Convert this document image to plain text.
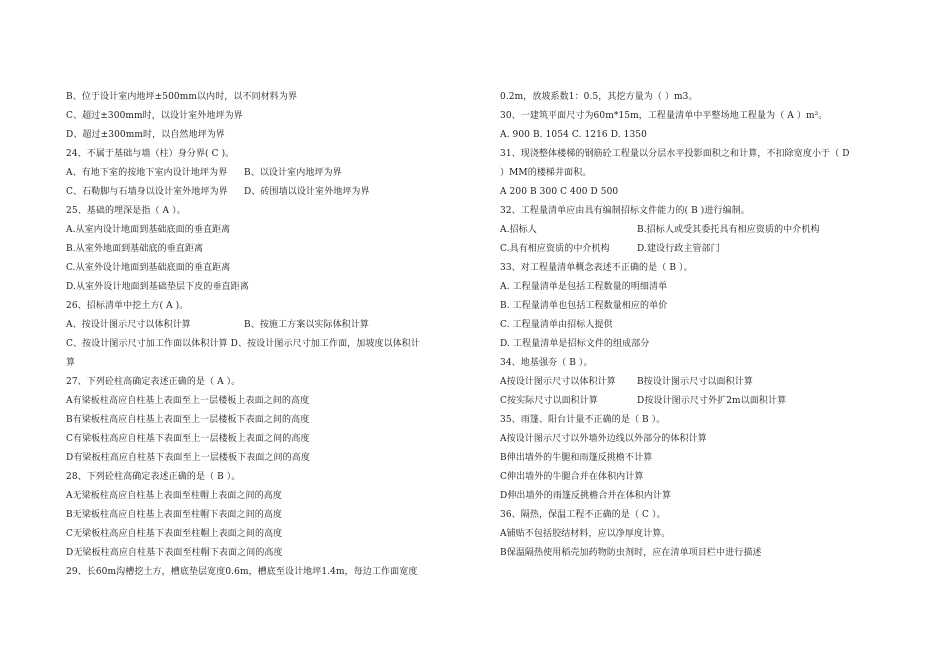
B、位于设计室内地坪±500mm以内时，以不同材料为界
C、超过±300mm时，以设计室外地坪为界
D、超过±300mm时，以自然地坪为界
24、不属于基础与墙（柱）身分界( C )。
A、有地下室的按地下室内设计地坪为界 B、以设计室内地坪为界
C、石勒脚与石墙身以设计室外地坪为界 D、砖围墙以设计室外地坪为界
25、基础的埋深是指（ A ）。
A.从室内设计地面到基础底面的垂直距离
B.从室外地面到基础底的垂直距离
C.从室外设计地面到基础底面的垂直距离
D.从室外设计地面到基础垫层下皮的垂直距离
26、招标清单中挖土方( A )。
A、按设计图示尺寸以体积计算	B、按施工方案以实际体积计算
C、按设计图示尺寸加工作面以体积计算 D、按设计图示尺寸加工作面，加坡度以体积计
算
27、下列砼柱高确定表述正确的是（ A ）。
A有梁板柱高应自柱基上表面至上一层楼板上表面之间的高度
B有梁板柱高应自柱基上表面至上一层楼板下表面之间的高度
C有梁板柱高应自柱基下表面至上一层楼板上表面之间的高度
D有梁板柱高应自柱基下表面至上一层楼板下表面之间的高度
28、下列砼柱高确定表述正确的是（ B ）。
A无梁板柱高应自柱基上表面至柱帽上表面之间的高度
B无梁板柱高应自柱基上表面至柱帽下表面之间的高度
C无梁板柱高应自柱基下表面至柱帽上表面之间的高度
D无梁板柱高应自柱基下表面至柱帽下表面之间的高度
29、长60m沟槽挖土方，槽底垫层宽度0.6m，槽底至设计地坪1.4m，每边工作面宽度
0.2m，放坡系数1：0.5，其挖方量为（ ）m3。
30、一建筑平面尺寸为60m*15m，工程量清单中平整场地工程量为（ A ）m²。
A. 900 B. 1054 C. 1216 D. 1350
31、现浇整体楼梯的钢筋砼工程量以分层水平投影面积之和计算，不扣除宽度小于（ D
）MM的楼梯井面积。
A 200 B 300 C 400 D 500
32、工程量清单应由具有编制招标文件能力的( B )进行编制。
A.招标人	B.招标人或受其委托具有相应资质的中介机构
C.具有相应资质的中介机构	D.建设行政主管部门
33、对工程量清单概念表述不正确的是（ B ）。
A. 工程量清单是包括工程数量的明细清单
B. 工程量清单也包括工程数量相应的单价
C. 工程量清单由招标人提供
D. 工程量清单是招标文件的组成部分
34、地基强夯（ B ）。
A按设计图示尺寸以体积计算 B按设计图示尺寸以面积计算
C按实际尺寸以面积计算	D按设计图示尺寸外扩2m以面积计算
35、雨篷、阳台计量不正确的是（ B ）。
A按设计图示尺寸以外墙外边线以外部分的体积计算
B伸出墙外的牛腿和雨篷反挑檐不计算
C伸出墙外的牛腿合并在体积内计算
D伸出墙外的雨篷反挑檐合并在体积内计算
36、隔热，保温工程不正确的是（ C ）。
A铺贴不包括胶结材料，应以净厚度计算。
B保温隔热使用稻壳加药物防虫剂时，应在清单项目栏中进行描述
